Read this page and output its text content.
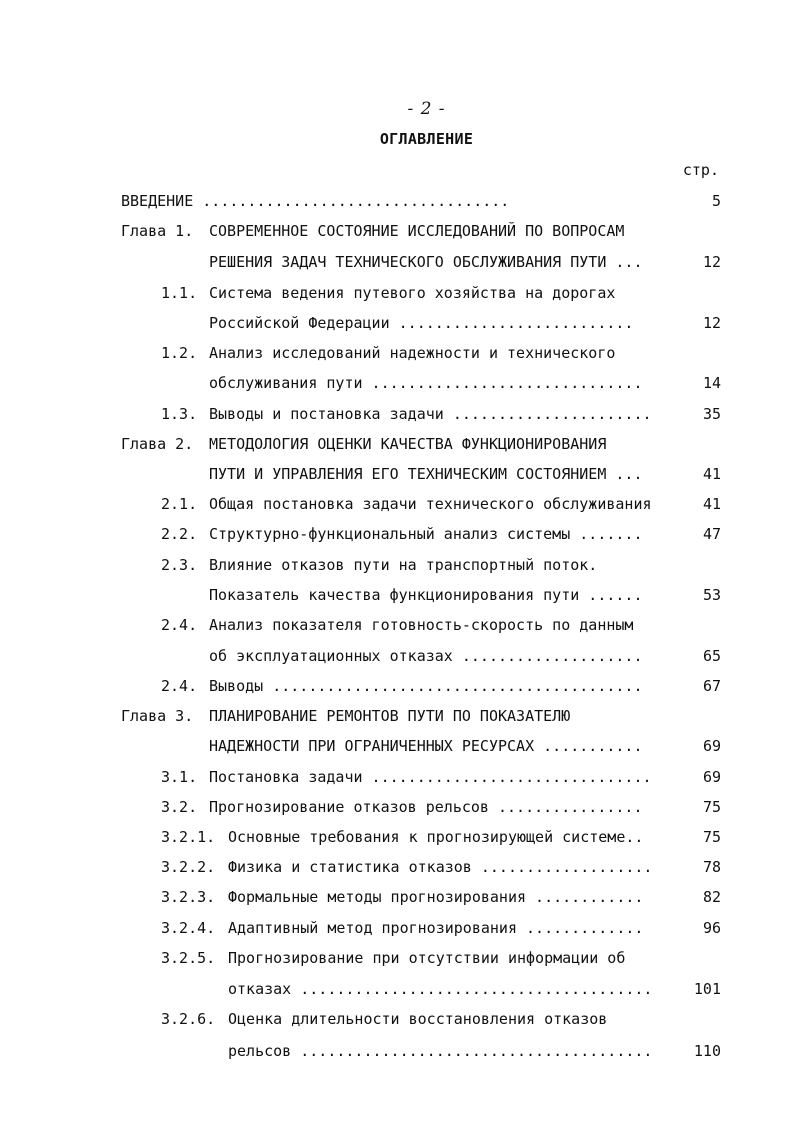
- 2 -
ОГЛАВЛЕНИЕ
стр.
ВВЕДЕНИЕ ..................................	5
Глава 1. СОВРЕМЕННОЕ СОСТОЯНИЕ ИССЛЕДОВАНИЙ ПО ВОПРОСАМ
РЕШЕНИЯ ЗАДАЧ ТЕХНИЧЕСКОГО ОБСЛУЖИВАНИЯ ПУТИ ...	12
1.1. Система ведения путевого хозяйства на дорогах
Российской Федерации ..........................	12
1.2. Анализ исследований надежности и технического
обслуживания пути ..............................	14
1.3. Выводы и постановка задачи ......................	35
Глава 2. МЕТОДОЛОГИЯ ОЦЕНКИ КАЧЕСТВА ФУНКЦИОНИРОВАНИЯ
ПУТИ И УПРАВЛЕНИЯ ЕГО ТЕХНИЧЕСКИМ СОСТОЯНИЕМ ...	41
2.1. Общая постановка задачи технического обслуживания	41
2.2. Структурно-функциональный анализ системы .......	47
2.3. Влияние отказов пути на транспортный поток.
Показатель качества функционирования пути ......	53
2.4. Анализ показателя готовность-скорость по данным
об эксплуатационных отказах ....................	65
2.4. Выводы .........................................	67
Глава 3. ПЛАНИРОВАНИЕ РЕМОНТОВ ПУТИ ПО ПОКАЗАТЕЛЮ
НАДЕЖНОСТИ ПРИ ОГРАНИЧЕННЫХ РЕСУРСАХ ...........	69
3.1. Постановка задачи ...............................	69
3.2. Прогнозирование отказов рельсов ................	75
3.2.1. Основные требования к прогнозирующей системе..	75
3.2.2. Физика и статистика отказов ...................	78
3.2.3. Формальные методы прогнозирования ............	82
3.2.4. Адаптивный метод прогнозирования .............	96
3.2.5. Прогнозирование при отсутствии информации об
отказах .......................................	101
3.2.6. Оценка длительности восстановления отказов
рельсов .......................................	110
